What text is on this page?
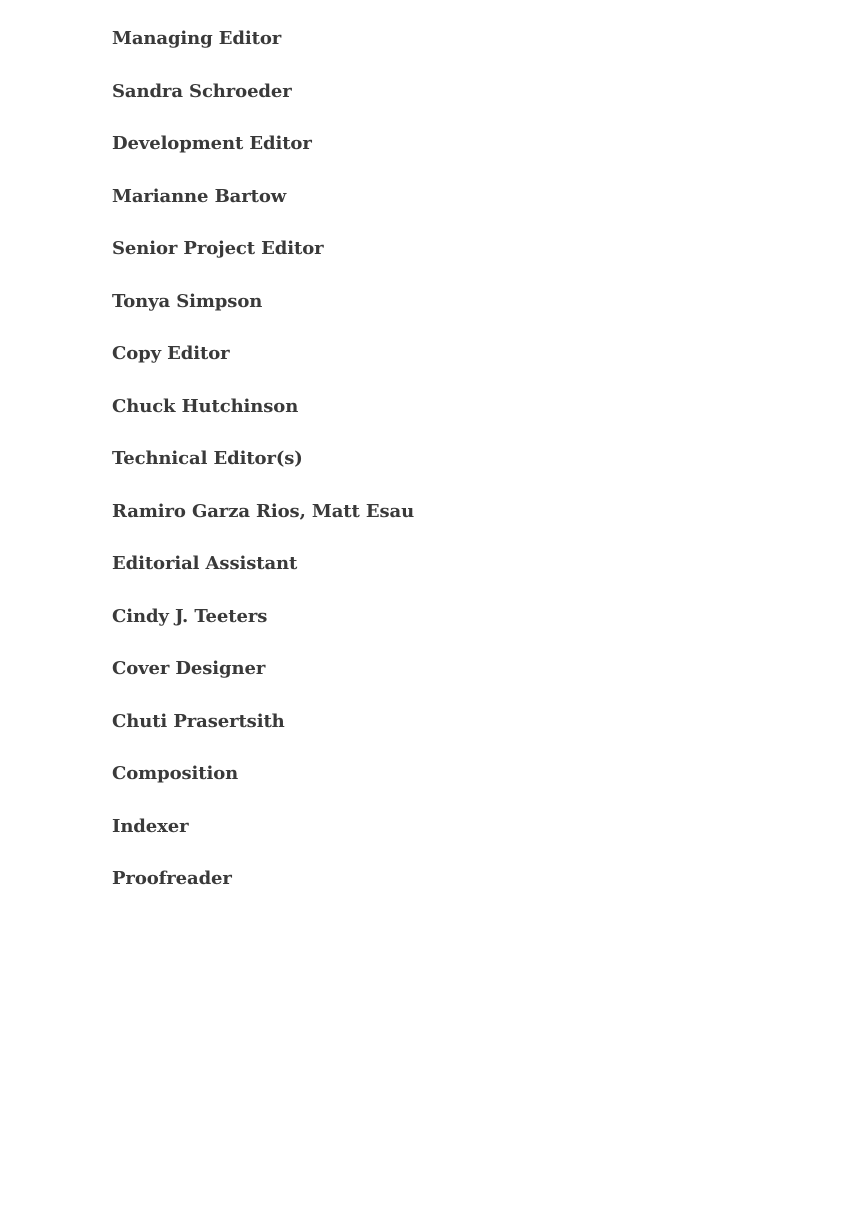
Managing Editor
Sandra Schroeder
Development Editor
Marianne Bartow
Senior Project Editor
Tonya Simpson
Copy Editor
Chuck Hutchinson
Technical Editor(s)
Ramiro Garza Rios, Matt Esau
Editorial Assistant
Cindy J. Teeters
Cover Designer
Chuti Prasertsith
Composition
Indexer
Proofreader
